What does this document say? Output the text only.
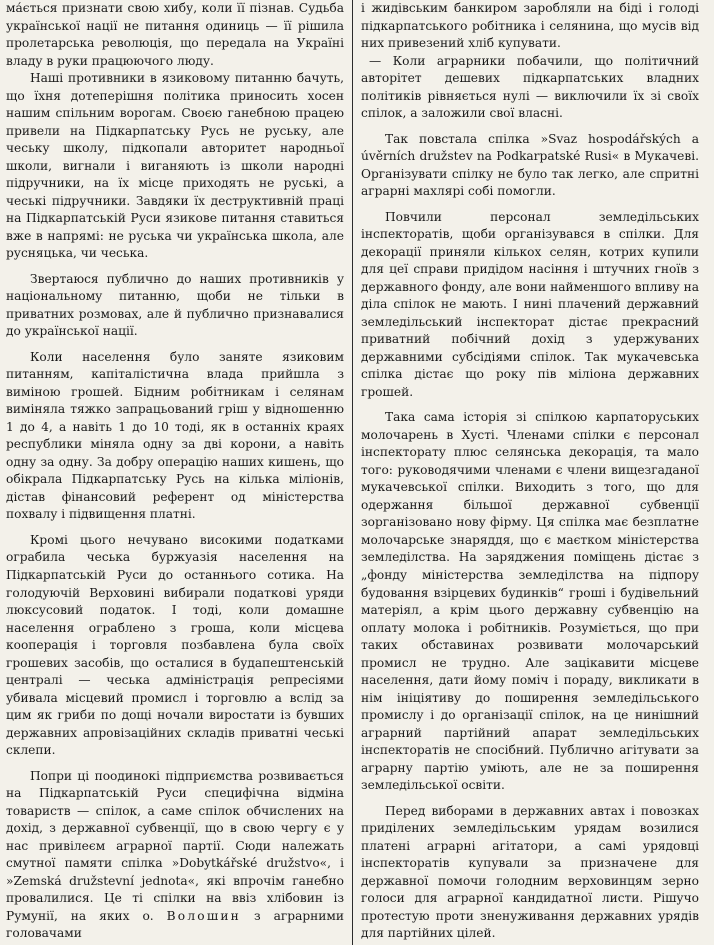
ма́ється признати свою хибу, коли її пізнав. Судьба української нації не питання одиниць — її рішила пролетарська революція, що передала на Україні владу в руки працюючого люду.

Наші противники в язиковому питанню бачуть, що їхня дотеперішня політика приносить хосен нашим спільним ворогам. Своєю ганебною працею привели на Підкарпатську Русь не руську, але чеську школу, підкопали авторитет народньої школи, вигнали і виганяють із школи народні підручники, на їх місце приходять не руські, а чеські підручники. Завдяки їх деструктивній праці на Підкарпатській Руси язикове питання ставиться вже в напрямі: не руська чи українська школа, але русняцька, чи чеська.

Звертаюся публично до наших противників у національному питанню, щоби не тільки в приватних розмовах, але й публично признавалися до української нації.

Коли населення було занятe язиковим питанням, капіталістична влада прийшла з виміною грошей. Бідним робітникам і селянам виміняла тяжко запрацьований гріш у відношенню 1 до 4, а навіть 1 до 10 тоді, як в останніх краях республики міняла одну за дві корони, а навіть одну за одну. За добру операцію наших кишень, що обікрала Підкарпатську Русь на кілька міліонів, дістав фінансовий референт од міністерства похвалу і підвищення платні.

Кромі цього нечувано високими податками ограбила чеська буржуазія населення на Підкарпатській Руси до останнього сотика. На голодуючій Верховині вибирали податкові уряди люксусовий податок. І тоді, коли домашне населення ограблено з гроша, коли місцева кооперація і торговля позбавлена була своїх грошевих засобів, що осталися в будапештенській централі — чеська адміністрація репресіями убивала місцевий промисл і торговлю а вслід за цим як гриби по дощі ночали виростати із бувших державних апровізаційних складів приватні чеські склепи.

Попри ці поодинокі підприємства розвивається на Підкарпатській Руси специфічна відміна товариств — спілок, а саме спілок обчислених на дохід, з державної субвенції, що в свою чергу є у нас привілеєм аграрної партії. Сюди належать смутної памяти спілка »Dobytkářské družstvo«, і »Zemská družstevní jednota«, які впрочім ганебно провалилися. Це ті спілки на ввіз хлібовин із Румунії, на яких о. Волошин з аграрними головачами

і жидівським банкиром заробляли на біді і голоді підкарпатського робітника і селянина, що мусів від них привезений хліб купувати.

— Коли аграрники побачили, що політичний авторітет дешевих підкарпатських владних політиків рівняється нулі — виключили їх зі своїх спілок, а заложили свої власні.

Так повстала спілка »Svaz hospodářských a úvěrních družstev na Podkarpatské Rusi« в Мукачеві. Організувати спілку не було так легко, але спритні аграрні махлярі собі помогли.

Повчили персонал земледільських інспекторатів, щоби організувався в спілки. Для декорації приняли кількох селян, котрих купили для цеї справи придідом насіння і штучних гноїв з державного фонду, але вони найменшого впливу на діла спілок не мають. І нині плачений державний земледільський інспекторат дістає прекрасний приватний побічний дохід з удержуваних державними субсідіями спілок. Так мукачевська спілка дістає що року пів міліона державних грошей.

Така сама історія зі спілкою карпаторуських молочарень в Хусті. Членами спілки є персонал інспекторату плюс селянська декорація, та мало того: руководячими членами є члени вищезгаданої мукачевської спілки. Виходить з того, що для одержання більшої державної субвенції зорганізовано нову фірму. Ця спілка має безплатне молочарське знаряддя, що є маєтком міністерства земледілства. На заряджения поміщень дістає з „фонду міністерства земледілства на підпору будовання взірцевих будинків“ гроші і будівельний матеріял, а крім цього державну субвенцію на оплату молока і робітників. Розуміється, що при таких обставинах розвивати молочарський промисл не трудно. Але зацікавити місцеве населення, дати йому поміч і пораду, викликати в нім ініціятиву до поширення земледільського промислу і до організації спілок, на це нинішний аграрний партійний апарат земледільських інспекторатів не спосібний. Публично агітувати за аграрну партію уміють, але не за поширення земледільської освіти.

Перед виборами в державних автах і повозках приділених земледільським урядам возилися платені аграрні агітатори, а самі урядовці інспекторатів купували за призначене для державної помочи голодним верховинцям зерно голоси для аграрної кандидатної листи. Рішучо протестую проти зненуживання державних урядів для партійних цілей.
